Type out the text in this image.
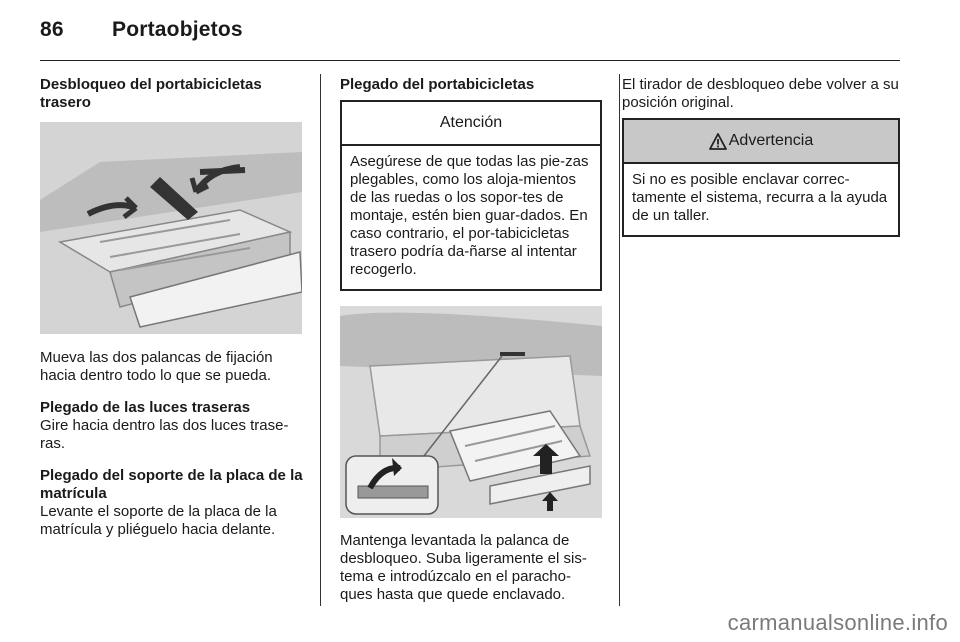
86 Portaobjetos

Desbloqueo del portabicicletas trasero

Mueva las dos palancas de fijación hacia dentro todo lo que se pueda.

Plegado de las luces traseras

Gire hacia dentro las dos luces trase-ras.

Plegado del soporte de la placa de la matrícula

Levante el soporte de la placa de la matrícula y pliéguelo hacia delante.

Plegado del portabicicletas

Atención
Asegúrese de que todas las pie-zas plegables, como los aloja-mientos de las ruedas o los sopor-tes de montaje, estén bien guar-dados. En caso contrario, el por-tabicicletas trasero podría da-ñarse al intentar recogerlo.

Mantenga levantada la palanca de desbloqueo. Suba ligeramente el sis-tema e introdúzcalo en el paracho-ques hasta que quede enclavado.

El tirador de desbloqueo debe volver a su posición original.

Advertencia
Si no es posible enclavar correc-tamente el sistema, recurra a la ayuda de un taller.
carmanualsonline.info
